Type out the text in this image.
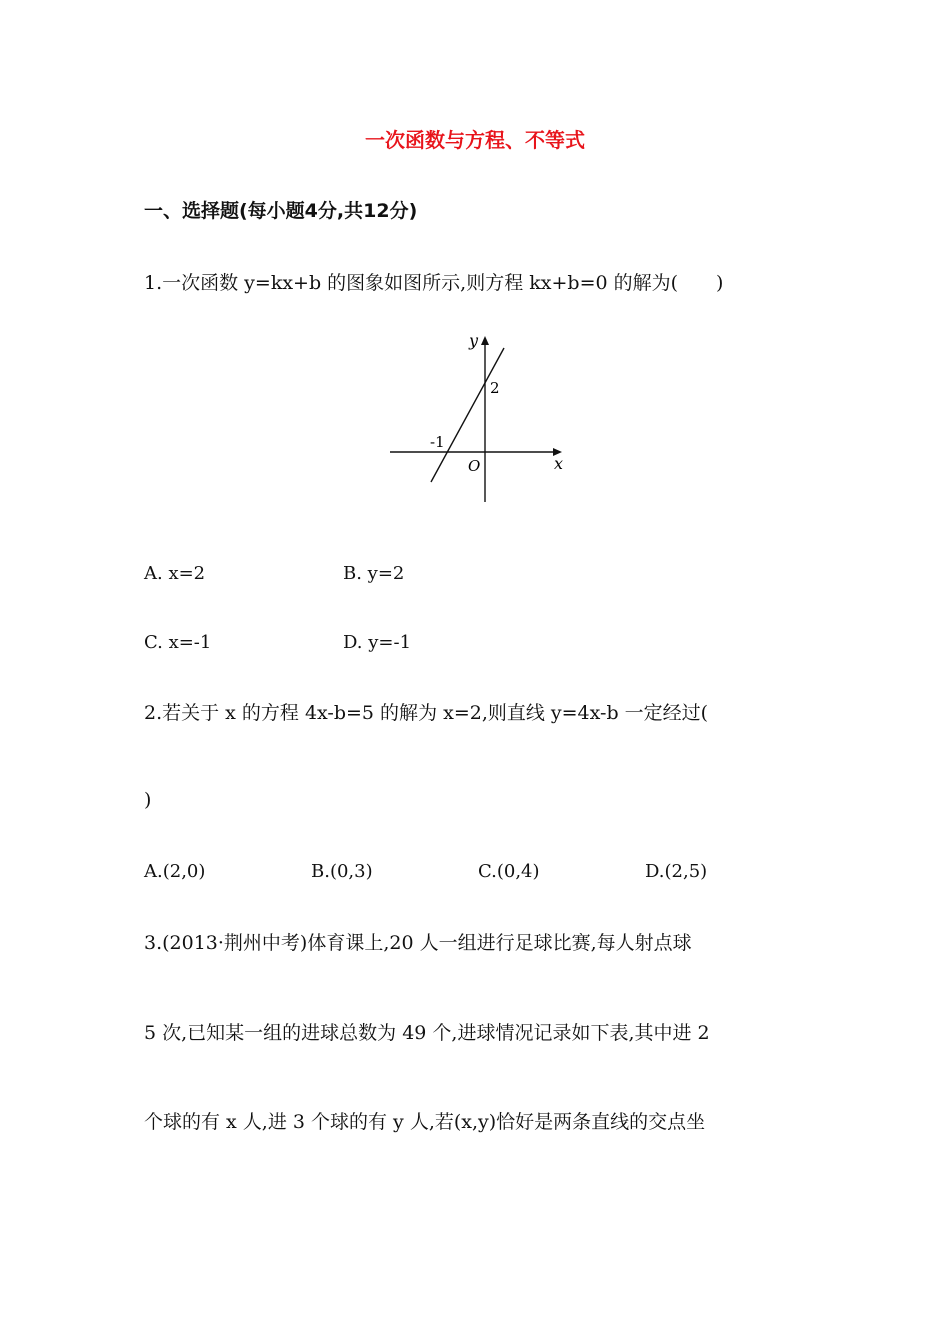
一次函数与方程、不等式
一、选择题(每小题4分,共12分)
1.一次函数 y=kx+b 的图象如图所示,则方程 kx+b=0 的解为(　　)
y
x
O
2
-1
A. x=2	B. y=2
C. x=-1	D. y=-1
2.若关于 x 的方程 4x-b=5 的解为 x=2,则直线 y=4x-b 一定经过(
)
A.(2,0)	B.(0,3)	C.(0,4)	D.(2,5)
3.(2013·荆州中考)体育课上,20 人一组进行足球比赛,每人射点球
5 次,已知某一组的进球总数为 49 个,进球情况记录如下表,其中进 2
个球的有 x 人,进 3 个球的有 y 人,若(x,y)恰好是两条直线的交点坐
